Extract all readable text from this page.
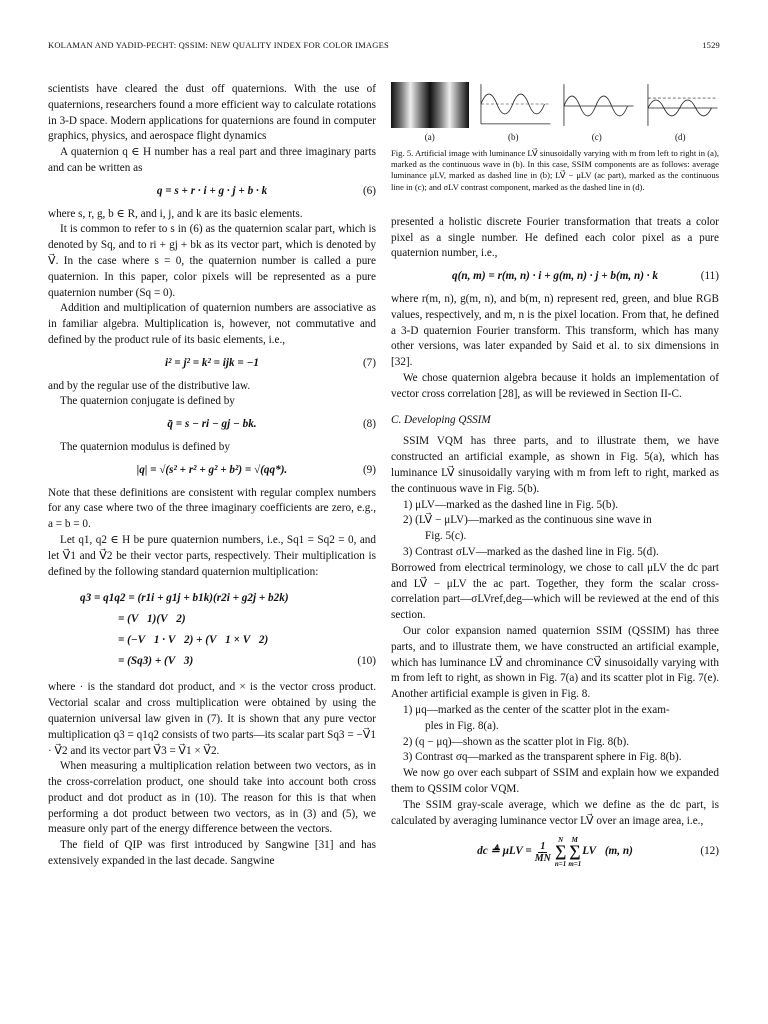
KOLAMAN AND YADID-PECHT: QSSIM: NEW QUALITY INDEX FOR COLOR IMAGES	1529

scientists have cleared the dust off quaternions. With the use of quaternions, researchers found a more efficient way to calculate rotations in 3-D space. Modern applications for quaternions are found in computer graphics, physics, and aerospace flight dynamics

A quaternion q ∈ H number has a real part and three imaginary parts and can be written as

q = s + r · i + g · j + b · k	(6)

where s, r, g, b ∈ R, and i, j, and k are its basic elements.

It is common to refer to s in (6) as the quaternion scalar part, which is denoted by Sq, and to ri + gj + bk as its vector part, which is denoted by V⃗. In the case where s = 0, the quaternion number is called a pure quaternion. In this paper, color pixels will be represented as a pure quaternion number (Sq = 0).

Addition and multiplication of quaternion numbers are associative as in familiar algebra. Multiplication is, however, not commutative and defined by the product rule of its basic elements, i.e.,

i² = j² = k² = ijk = −1	(7)

and by the regular use of the distributive law.

The quaternion conjugate is defined by

q̄ = s − ri − gj − bk.	(8)

The quaternion modulus is defined by

|q| = √(s² + r² + g² + b²) = √(qq*).	(9)

Note that these definitions are consistent with regular complex numbers for any case where two of the three imaginary coefficients are zero, e.g., a = b = 0.

Let q1, q2 ∈ H be pure quaternion numbers, i.e., Sq1 = Sq2 = 0, and let V⃗1 and V⃗2 be their vector parts, respectively. Their multiplication is defined by the following standard quaternion multiplication:

q3 = q1q2 = (r1i + g1j + b1k)(r2i + g2j + b2k)
= (V⃗1)(V⃗2)
= (−V⃗1 · V⃗2) + (V⃗1 × V⃗2)
= (Sq3) + (V⃗3)	(10)

where · is the standard dot product, and × is the vector cross product. Vectorial scalar and cross multiplication were obtained by using the quaternion universal law given in (7). It is shown that any pure vector multiplication q3 = q1q2 consists of two parts—its scalar part Sq3 = −V⃗1 · V⃗2 and its vector part V⃗3 = V⃗1 × V⃗2.

When measuring a multiplication relation between two vectors, as in the cross-correlation product, one should take into account both cross product and dot product as in (10). The reason for this is that when performing a dot product between two vectors, as in (3) and (5), we measure only part of the energy difference between the vectors.

The field of QIP was first introduced by Sangwine [31] and has extensively expanded in the last decade. Sangwine

(a)	(b)	(c)	(d)

Fig. 5. Artificial image with luminance LV⃗ sinusoidally varying with m from left to right in (a), marked as the continuous wave in (b). In this case, SSIM components are as follows: average luminance μLV, marked as dashed line in (b); LV⃗ − μLV (ac part), marked as the continuous line in (c); and σLV contrast component, marked as the dashed line in (d).

presented a holistic discrete Fourier transformation that treats a color pixel as a single number. He defined each color pixel as a pure quaternion number, i.e.,

q(n, m) = r(m, n) · i + g(m, n) · j + b(m, n) · k	(11)

where r(m, n), g(m, n), and b(m, n) represent red, green, and blue RGB values, respectively, and m, n is the pixel location. From that, he defined a 3-D quaternion Fourier transform. This transform, which has many other versions, was later expanded by Said et al. to six dimensions in [32].

We chose quaternion algebra because it holds an implementation of vector cross correlation [28], as will be reviewed in Section II-C.

C. Developing QSSIM

SSIM VQM has three parts, and to illustrate them, we have constructed an artificial example, as shown in Fig. 5(a), which has luminance LV⃗ sinusoidally varying with m from left to right, marked as the continuous wave in Fig. 5(b).

1) μLV—marked as the dashed line in Fig. 5(b).

2) (LV⃗ − μLV)—marked as the continuous sine wave in

Fig. 5(c).

3) Contrast σLV—marked as the dashed line in Fig. 5(d).

Borrowed from electrical terminology, we chose to call μLV the dc part and LV⃗ − μLV the ac part. Together, they form the scalar cross-correlation part—σLVref,deg—which will be reviewed at the end of this section.

Our color expansion named quaternion SSIM (QSSIM) has three parts, and to illustrate them, we have constructed an artificial example, which has luminance LV⃗ and chrominance CV⃗ sinusoidally varying with m from left to right, as shown in Fig. 7(a) and its scatter plot in Fig. 7(e). Another artificial example is given in Fig. 8.

1) μq—marked as the center of the scatter plot in the exam-

ples in Fig. 8(a).

2) (q − μq)—shown as the scatter plot in Fig. 8(b).

3) Contrast σq—marked as the transparent sphere in Fig. 8(b).

We now go over each subpart of SSIM and explain how we expanded them to QSSIM color VQM.

The SSIM gray-scale average, which we define as the dc part, is calculated by averaging luminance vector LV⃗ over an image area, i.e.,

dc ≜ $\mu LV = \frac{1}{MN}$
N
∑
n=1
M
∑
m=1
LV⃗(m, n)	(12)
